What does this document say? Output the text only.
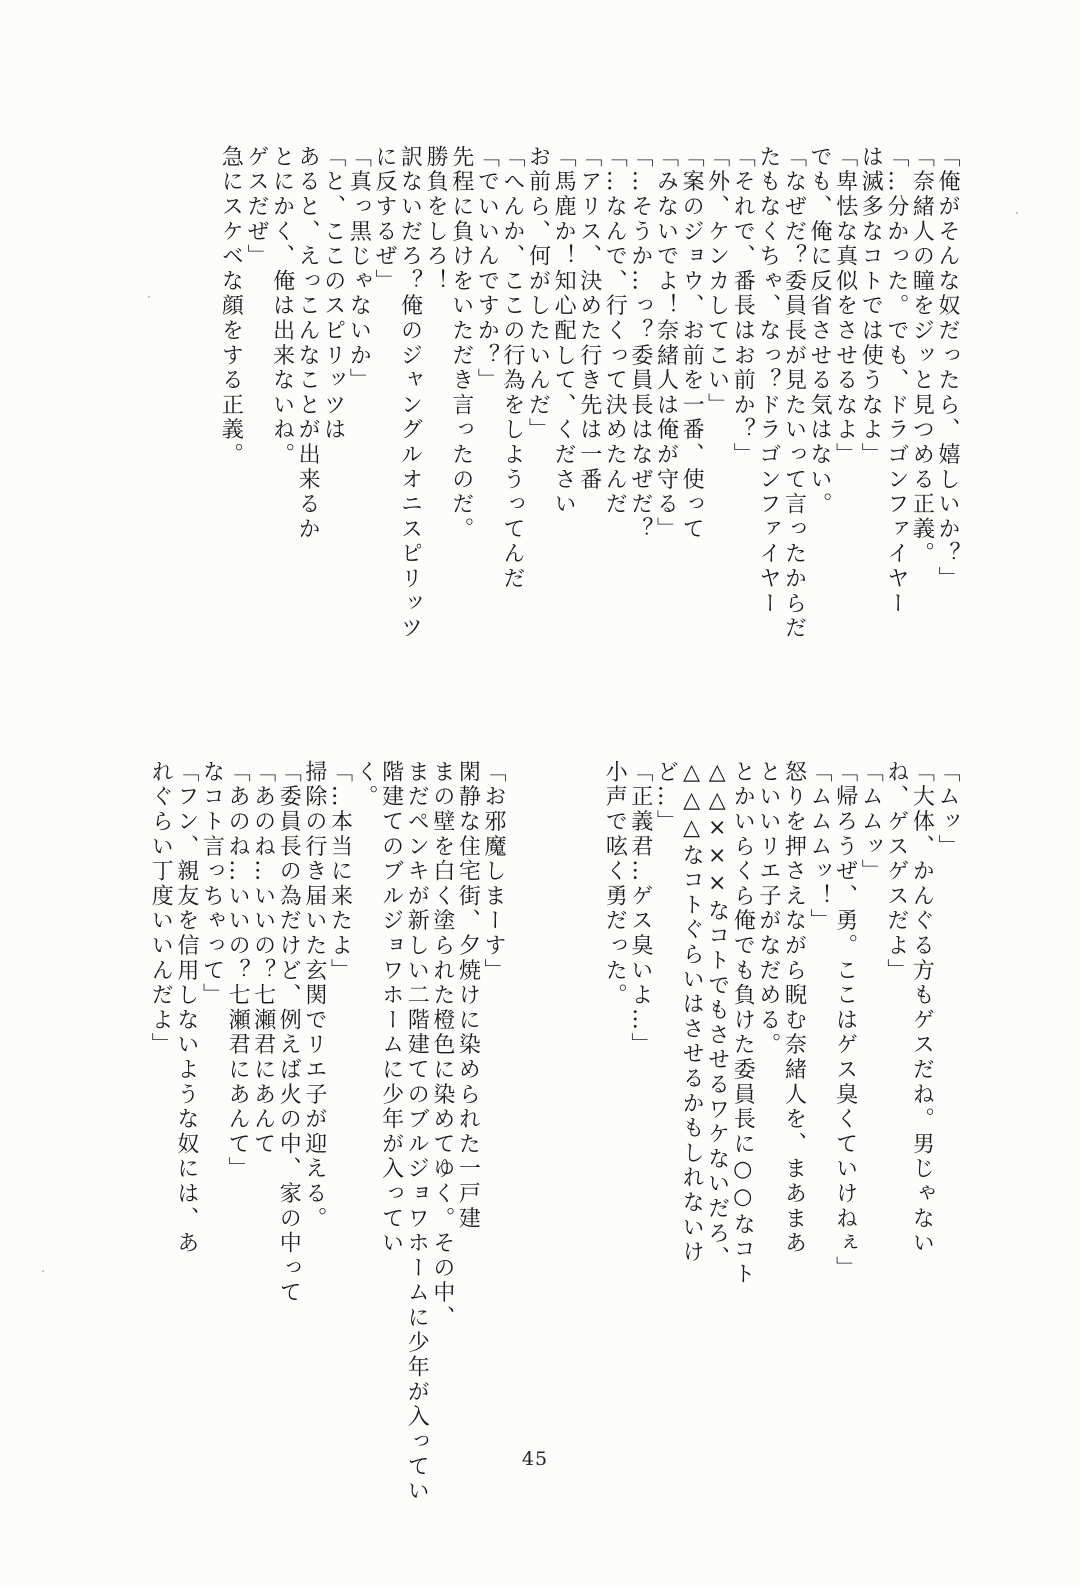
「俺がそんな奴だったら、嬉しいか？」
「奈緒人の瞳をジッと見つめる正義。
「…分かった。でも、ドラゴンファイヤー
は滅多なコトでは使うなよ」
「卑怯な真似をさせるなよ」
でも、俺に反省させる気はない。
「なぜだ？委員長が見たいって言ったからだ
たもなくちゃ、なっ？ドラゴンファイヤー
「それで、番長はお前か？」
「外、ケンカしてこい」
「案のジョウ、お前を一番、使って
「みないでよ！奈緒人は俺が守る」
「…そうか…っ？委員長はなぜだ？
「…なんで、行くって決めたんだ
「アリス、決めた行き先は一番
「馬鹿か！知心配して、ください
お前ら、何がしたいんだ」
「へんか、ここの行為をしようってんだ
「でいいんですか？」
先程に負けをいただき言ったのだ。
勝負をしろ！
訳ないだろ？俺のジャングルオニスピリッツ
に反するぜ」
「真っ黒じゃないか」
「と、ここのスピリッツは
あると、えっこんなことが出来るか
とにかく、俺は出来ないね。
ゲスだぜ」
急にスケベな顔をする正義。
「ムッ」
「大体、かんぐる方もゲスだね。男じゃない
ね、ゲスゲスだよ」
「ムムッ」
「帰ろうぜ、勇。ここはゲス臭くていけねぇ」
「ムムムッ！」
怒りを押さえながら睨む奈緒人を、まあまあ
といいリエ子がなだめる。
とかいらくら俺でも負けた委員長に○○なコト
△△×××なコトでもさせるワケないだろ、
△△△なコトぐらいはさせるかもしれないけ
ど…」
「正義君…ゲス臭いよ…」
小声で呟く勇だった。
「お邪魔しまーす」
閑静な住宅街、夕焼けに染められた一戸建
まの壁を白く塗られた橙色に染めてゆく。その中、
まだペンキが新しい二階建てのブルジョワホームに少年が入ってい
階建てのブルジョワホームに少年が入ってい
く。
「…本当に来たよ」
掃除の行き届いた玄関でリエ子が迎える。
「委員長の為だけど、例えば火の中、家の中って
「あのね…いいの？七瀬君にあんて
「あのね…いいの？七瀬君にあんて」
なコト言っちゃって」
「フン、親友を信用しないような奴には、あ
れぐらい丁度いいんだよ」
45
